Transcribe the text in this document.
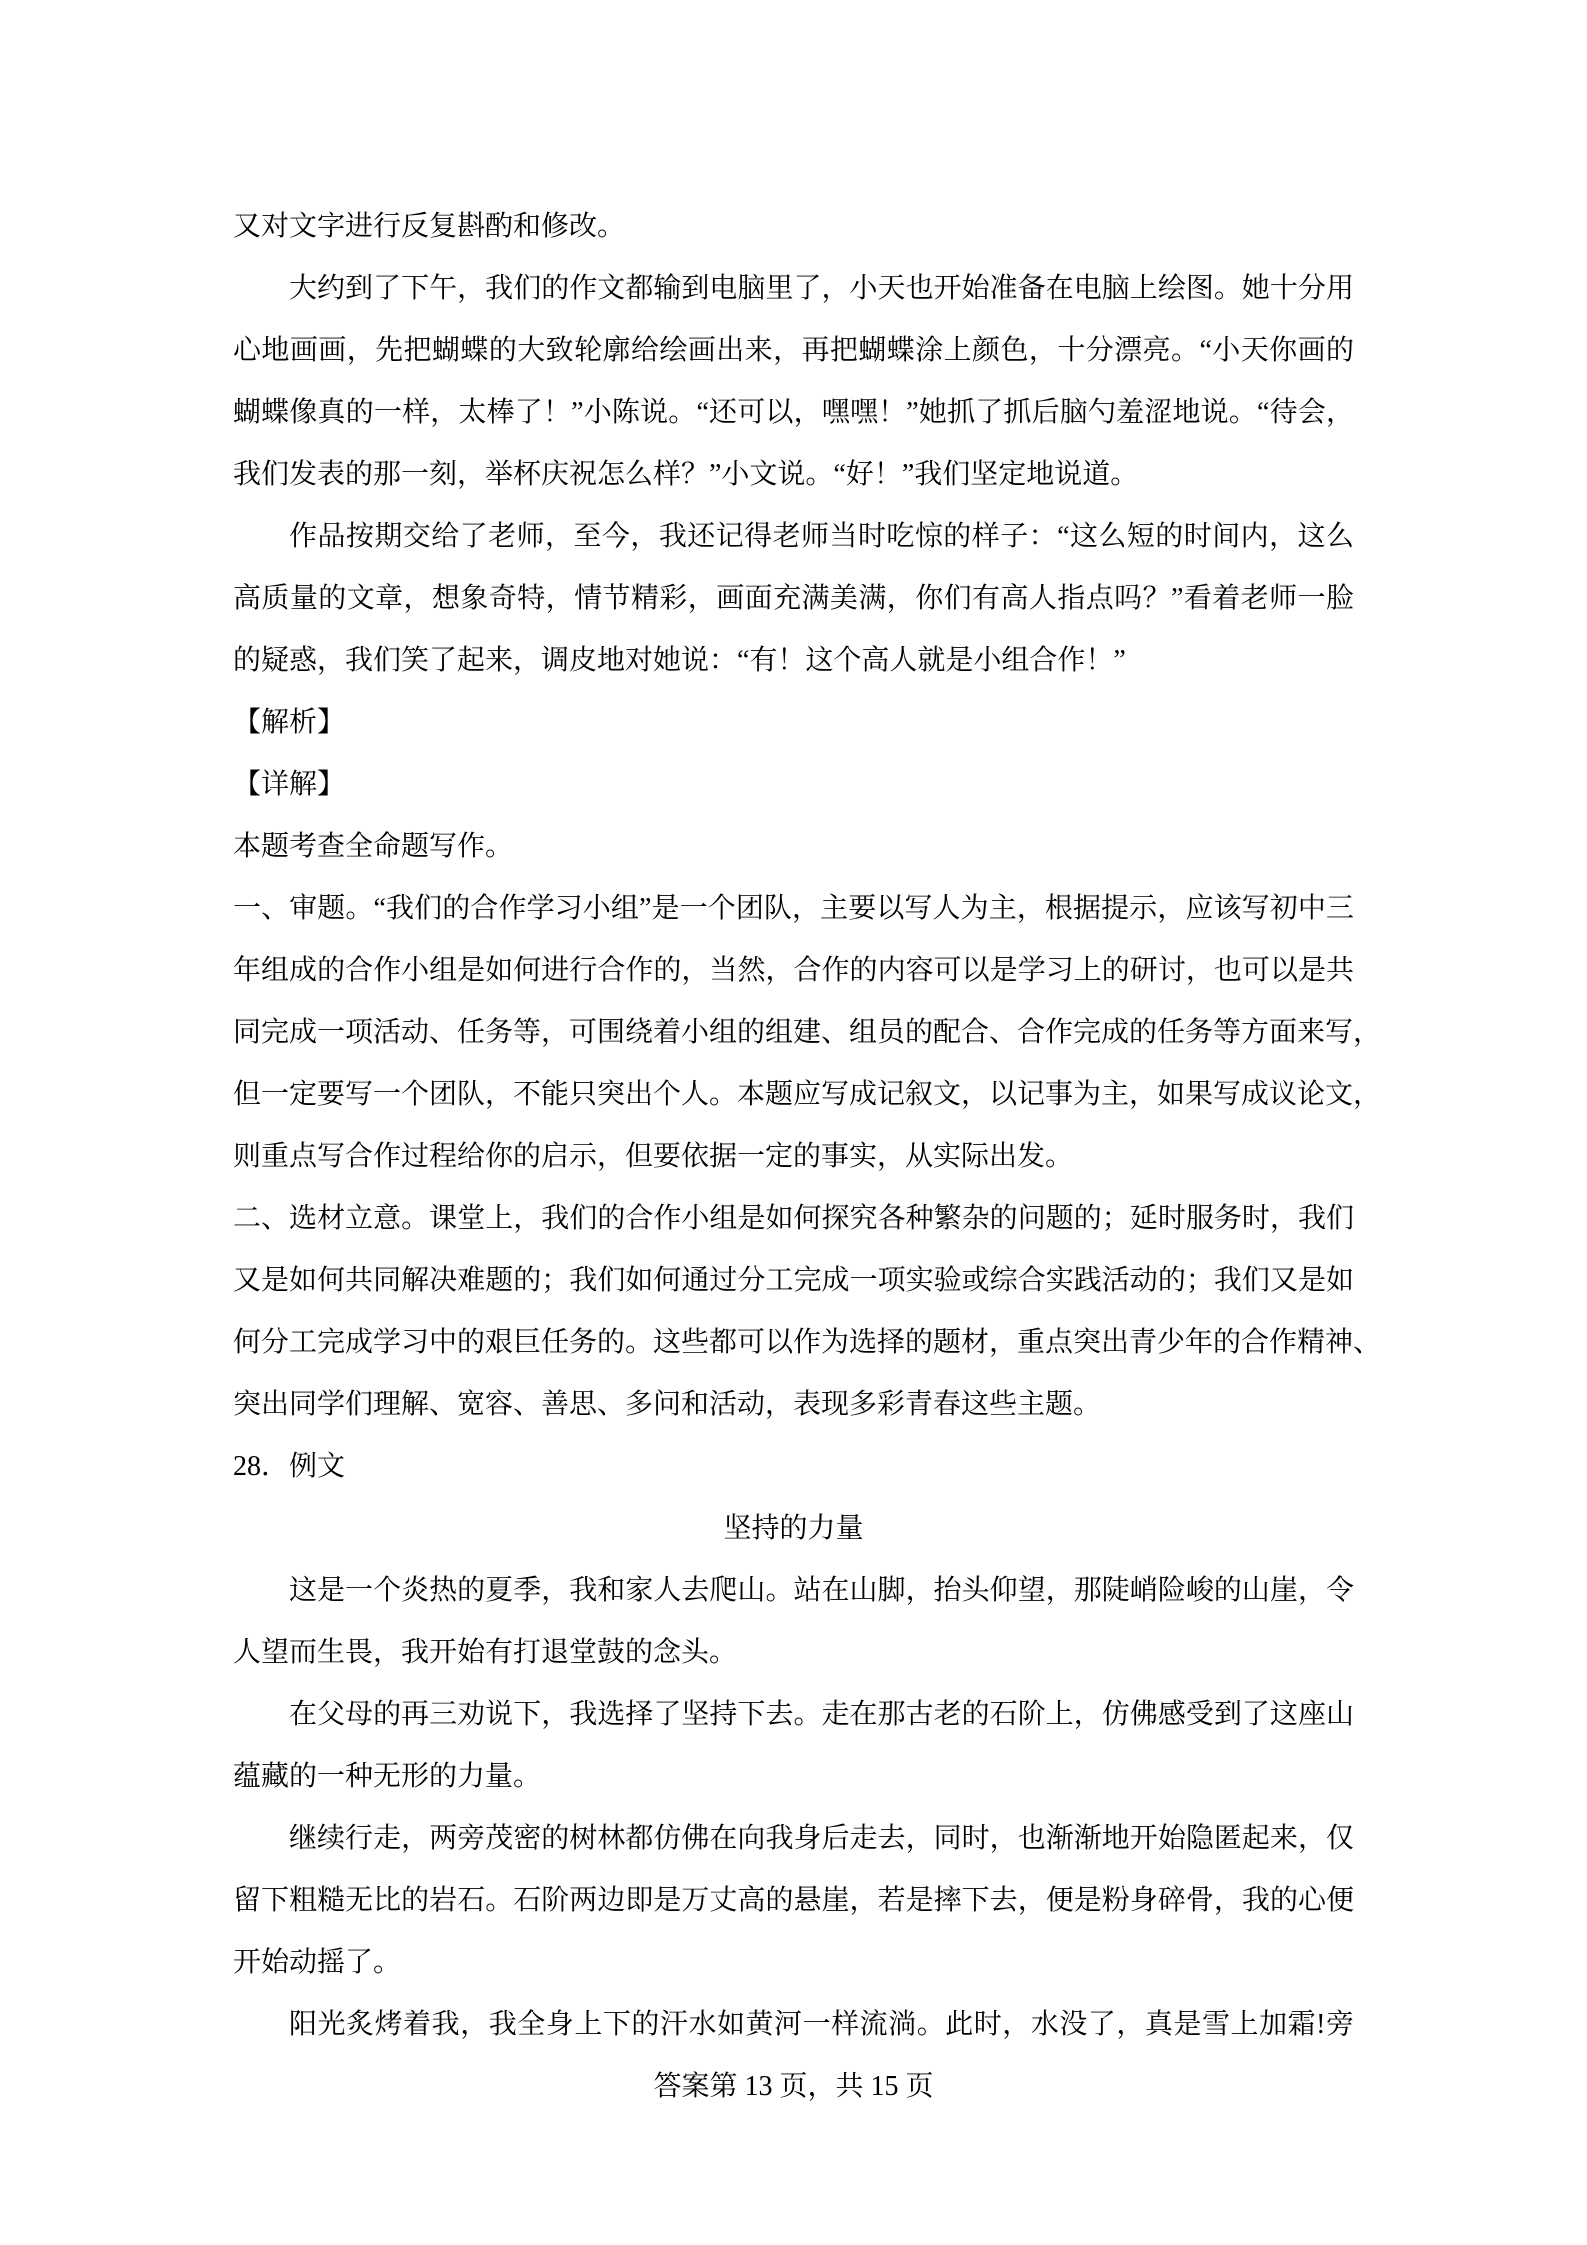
又对文字进行反复斟酌和修改。
大约到了下午，我们的作文都输到电脑里了，小天也开始准备在电脑上绘图。她十分用
心地画画，先把蝴蝶的大致轮廓给绘画出来，再把蝴蝶涂上颜色，十分漂亮。“小天你画的
蝴蝶像真的一样，太棒了！”小陈说。“还可以，嘿嘿！”她抓了抓后脑勺羞涩地说。“待会，
我们发表的那一刻，举杯庆祝怎么样？”小文说。“好！”我们坚定地说道。
作品按期交给了老师，至今，我还记得老师当时吃惊的样子：“这么短的时间内，这么
高质量的文章，想象奇特，情节精彩，画面充满美满，你们有高人指点吗？”看着老师一脸
的疑惑，我们笑了起来，调皮地对她说：“有！这个高人就是小组合作！”
【解析】
【详解】
本题考查全命题写作。
一、审题。“我们的合作学习小组”是一个团队，主要以写人为主，根据提示，应该写初中三
年组成的合作小组是如何进行合作的，当然，合作的内容可以是学习上的研讨，也可以是共
同完成一项活动、任务等，可围绕着小组的组建、组员的配合、合作完成的任务等方面来写，
但一定要写一个团队，不能只突出个人。本题应写成记叙文，以记事为主，如果写成议论文，
则重点写合作过程给你的启示，但要依据一定的事实，从实际出发。
二、选材立意。课堂上，我们的合作小组是如何探究各种繁杂的问题的；延时服务时，我们
又是如何共同解决难题的；我们如何通过分工完成一项实验或综合实践活动的；我们又是如
何分工完成学习中的艰巨任务的。这些都可以作为选择的题材，重点突出青少年的合作精神、
突出同学们理解、宽容、善思、多问和活动，表现多彩青春这些主题。
28．例文
坚持的力量
这是一个炎热的夏季，我和家人去爬山。站在山脚，抬头仰望，那陡峭险峻的山崖，令
人望而生畏，我开始有打退堂鼓的念头。
在父母的再三劝说下，我选择了坚持下去。走在那古老的石阶上，仿佛感受到了这座山
蕴藏的一种无形的力量。
继续行走，两旁茂密的树林都仿佛在向我身后走去，同时，也渐渐地开始隐匿起来，仅
留下粗糙无比的岩石。石阶两边即是万丈高的悬崖，若是摔下去，便是粉身碎骨，我的心便
开始动摇了。
阳光炙烤着我，我全身上下的汗水如黄河一样流淌。此时，水没了，真是雪上加霜!旁
答案第 13 页，共 15 页
